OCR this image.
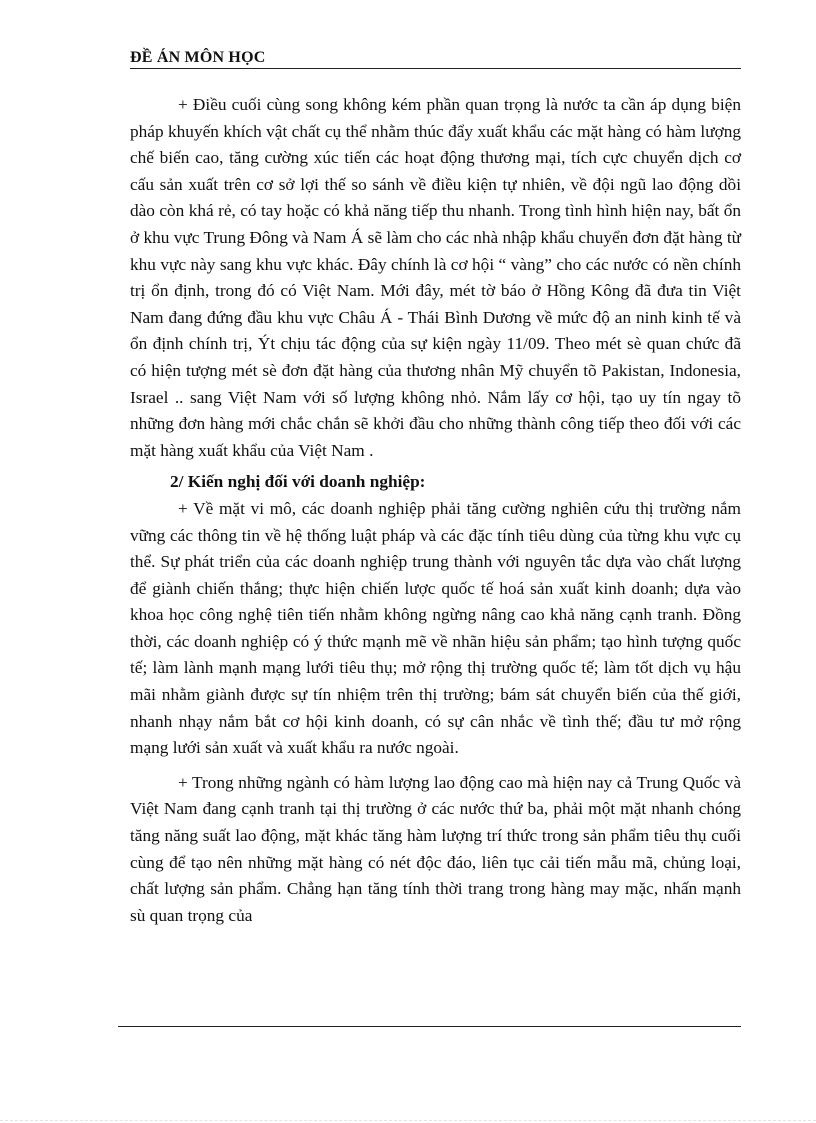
ĐỀ ÁN MÔN HỌC

+ Điều cuối cùng song không kém phần quan trọng là nước ta cần áp dụng biện pháp khuyến khích vật chất cụ thể nhằm thúc đẩy xuất khẩu các mặt hàng có hàm lượng chế biến cao, tăng cường xúc tiến các hoạt động thương mại, tích cực chuyển dịch cơ cấu sản xuất trên cơ sở lợi thế so sánh về điều kiện tự nhiên, về đội ngũ lao động dồi dào còn khá rẻ, có tay hoặc có khả năng tiếp thu nhanh. Trong tình hình hiện nay, bất ổn ở khu vực Trung Đông và Nam Á sẽ làm cho các nhà nhập khẩu chuyển đơn đặt hàng từ khu vực này sang khu vực khác. Đây chính là cơ hội “ vàng” cho các nước có nền chính trị ổn định, trong đó có Việt Nam. Mới đây, mét tờ báo ở Hồng Kông đã đưa tin Việt Nam đang đứng đầu khu vực Châu Á - Thái Bình Dương về mức độ an ninh kinh tế và ổn định chính trị, Ýt chịu tác động của sự kiện ngày 11/09. Theo mét sè quan chức đã có hiện tượng mét sè đơn đặt hàng của thương nhân Mỹ chuyển tõ Pakistan, Indonesia, Israel .. sang Việt Nam với số lượng không nhỏ. Nắm lấy cơ hội, tạo uy tín ngay tõ những đơn hàng mới chắc chắn sẽ khởi đầu cho những thành công tiếp theo đối với các mặt hàng xuất khẩu của Việt Nam .

2/ Kiến nghị đối với doanh nghiệp:

+ Về mặt vi mô, các doanh nghiệp phải tăng cường nghiên cứu thị trường nắm vững các thông tin về hệ thống luật pháp và các đặc tính tiêu dùng của từng khu vực cụ thể. Sự phát triển của các doanh nghiệp trung thành với nguyên tắc dựa vào chất lượng để giành chiến thắng; thực hiện chiến lược quốc tế hoá sản xuất kinh doanh; dựa vào khoa học công nghệ tiên tiến nhằm không ngừng nâng cao khả năng cạnh tranh. Đồng thời, các doanh nghiệp có ý thức mạnh mẽ về nhãn hiệu sản phẩm; tạo hình tượng quốc tế; làm lành mạnh mạng lưới tiêu thụ; mở rộng thị trường quốc tế; làm tốt dịch vụ hậu mãi nhằm giành được sự tín nhiệm trên thị trường; bám sát chuyển biến của thế giới, nhanh nhạy nắm bắt cơ hội kinh doanh, có sự cân nhắc về tình thế; đầu tư mở rộng mạng lưới sản xuất và xuất khẩu ra nước ngoài.

+ Trong những ngành có hàm lượng lao động cao mà hiện nay cả Trung Quốc và Việt Nam đang cạnh tranh tại thị trường ở các nước thứ ba, phải một mặt nhanh chóng tăng năng suất lao động, mặt khác tăng hàm lượng trí thức trong sản phẩm tiêu thụ cuối cùng để tạo nên những mặt hàng có nét độc đáo, liên tục cải tiến mẫu mã, chủng loại, chất lượng sản phẩm. Chẳng hạn tăng tính thời trang trong hàng may mặc, nhấn mạnh sù quan trọng của
